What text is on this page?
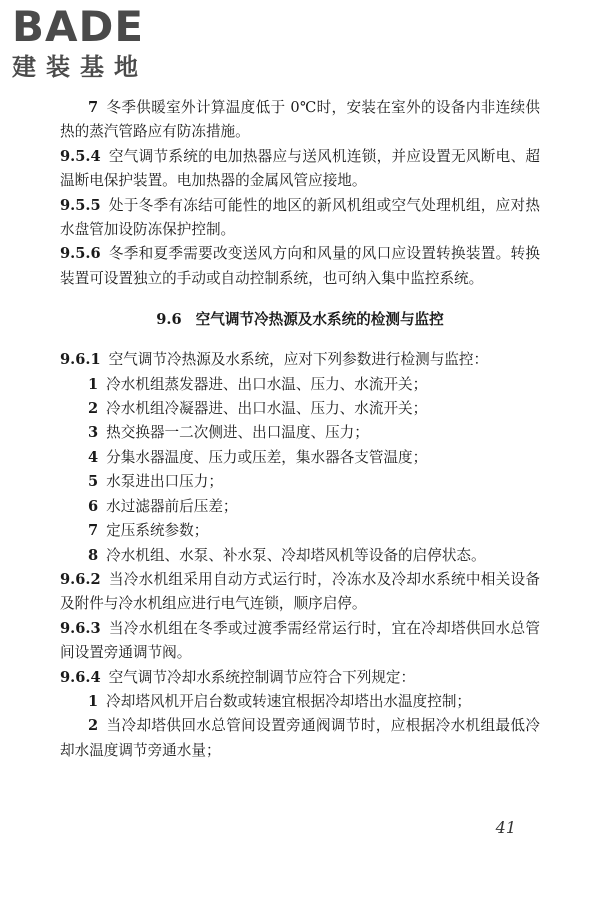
BADE
建装基地

7 冬季供暖室外计算温度低于 0℃时，安装在室外的设备内非连续供热的蒸汽管路应有防冻措施。

9.5.4 空气调节系统的电加热器应与送风机连锁，并应设置无风断电、超温断电保护装置。电加热器的金属风管应接地。

9.5.5 处于冬季有冻结可能性的地区的新风机组或空气处理机组，应对热水盘管加设防冻保护控制。

9.5.6 冬季和夏季需要改变送风方向和风量的风口应设置转换装置。转换装置可设置独立的手动或自动控制系统，也可纳入集中监控系统。

9.6 空气调节冷热源及水系统的检测与监控

9.6.1 空气调节冷热源及水系统，应对下列参数进行检测与监控：

1 冷水机组蒸发器进、出口水温、压力、水流开关；

2 冷水机组冷凝器进、出口水温、压力、水流开关；

3 热交换器一二次侧进、出口温度、压力；

4 分集水器温度、压力或压差，集水器各支管温度；

5 水泵进出口压力；

6 水过滤器前后压差；

7 定压系统参数；

8 冷水机组、水泵、补水泵、冷却塔风机等设备的启停状态。

9.6.2 当冷水机组采用自动方式运行时，冷冻水及冷却水系统中相关设备及附件与冷水机组应进行电气连锁，顺序启停。

9.6.3 当冷水机组在冬季或过渡季需经常运行时，宜在冷却塔供回水总管间设置旁通调节阀。

9.6.4 空气调节冷却水系统控制调节应符合下列规定：

1 冷却塔风机开启台数或转速宜根据冷却塔出水温度控制；

2 当冷却塔供回水总管间设置旁通阀调节时，应根据冷水机组最低冷却水温度调节旁通水量；

41
